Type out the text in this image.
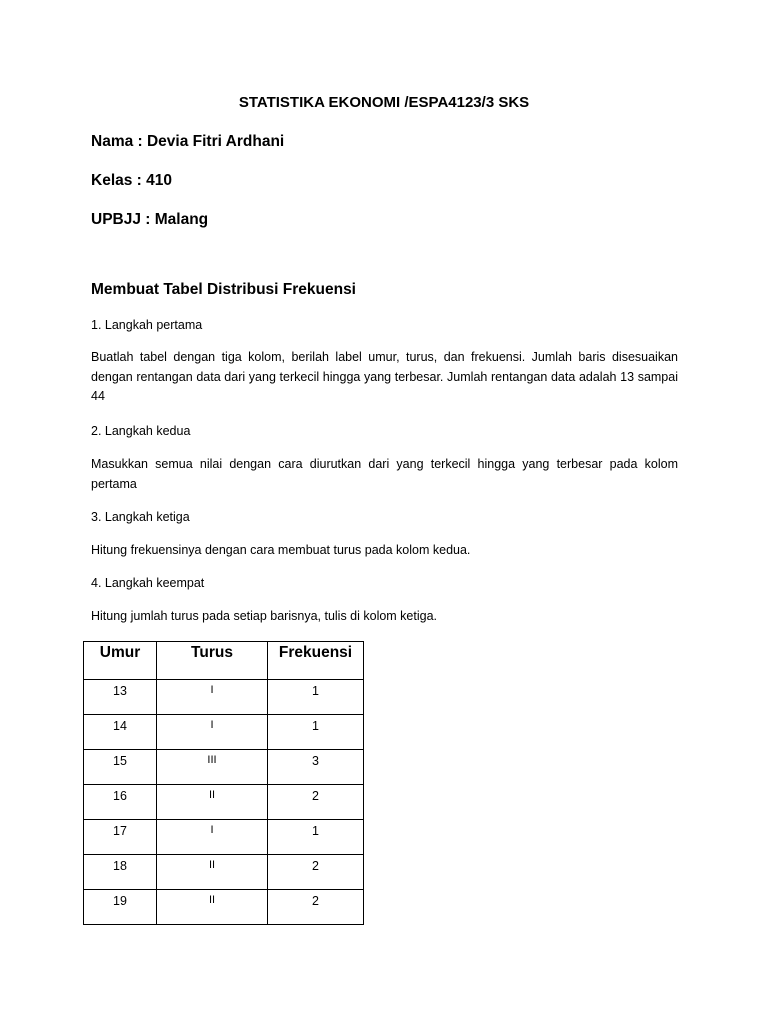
STATISTIKA EKONOMI /ESPA4123/3 SKS
Nama : Devia Fitri Ardhani
Kelas : 410
UPBJJ : Malang
Membuat Tabel Distribusi Frekuensi
1. Langkah pertama
Buatlah tabel dengan tiga kolom, berilah label umur, turus, dan frekuensi. Jumlah baris disesuaikan dengan rentangan data dari yang terkecil hingga yang terbesar. Jumlah rentangan data adalah 13 sampai 44
2. Langkah kedua
Masukkan semua nilai dengan cara diurutkan dari yang terkecil hingga yang terbesar pada kolom pertama
3. Langkah ketiga
Hitung frekuensinya dengan cara membuat turus pada kolom kedua.
4. Langkah keempat
Hitung jumlah turus pada setiap barisnya, tulis di kolom ketiga.
Umur	Turus	Frekuensi
13	I	1
14	I	1
15	III	3
16	II	2
17	I	1
18	II	2
19	II	2
